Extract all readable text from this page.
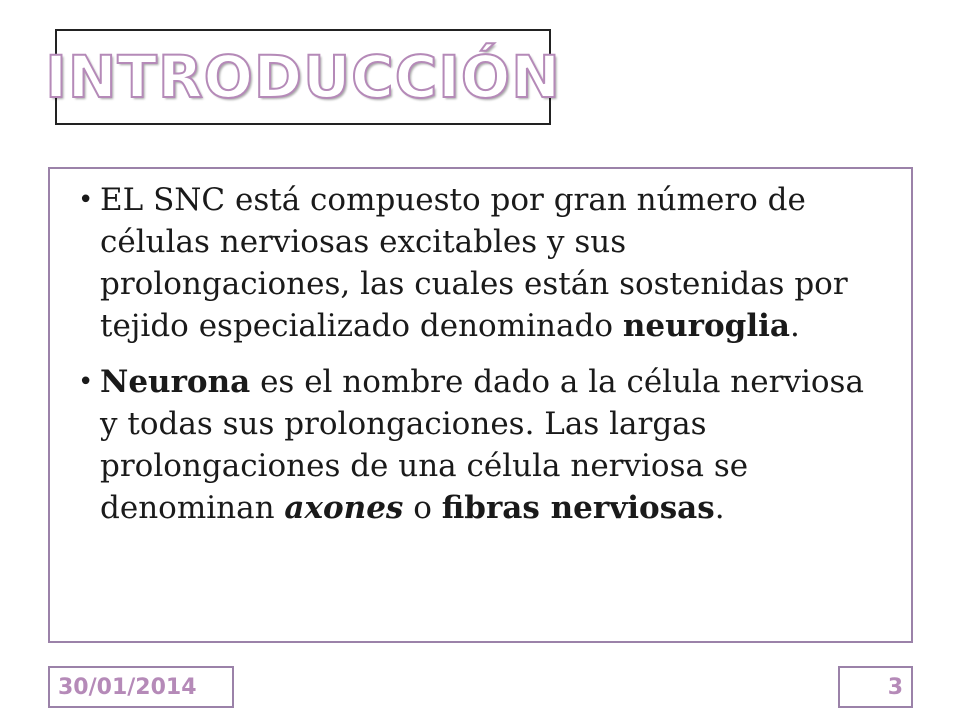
INTRODUCCIÓN
• EL SNC está compuesto por gran número de células nerviosas excitables y sus prolongaciones, las cuales están sostenidas por tejido especializado denominado neuroglia.
• Neurona es el nombre dado a la célula nerviosa y todas sus prolongaciones. Las largas prolongaciones de una célula nerviosa se denominan axones o fibras nerviosas.
30/01/2014	3
